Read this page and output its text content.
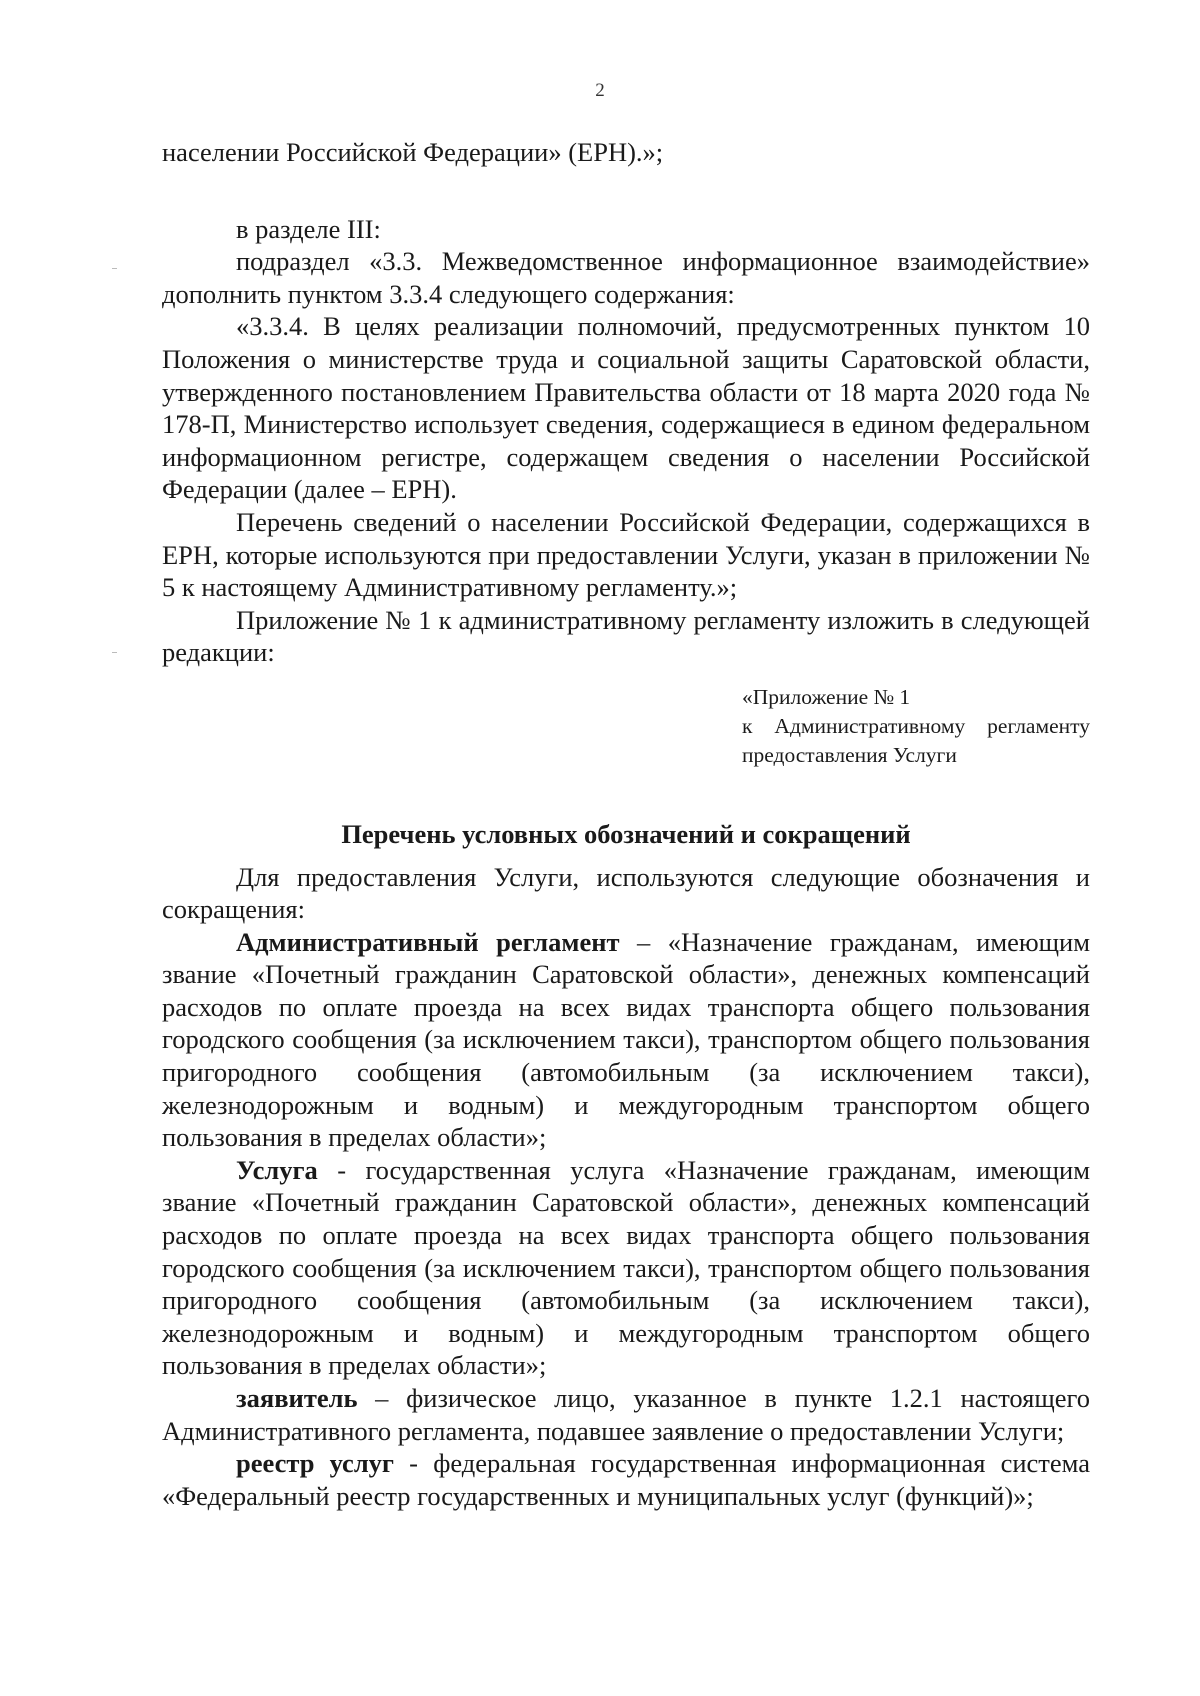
2

населении Российской Федерации» (ЕРН).»;

в разделе III:

подраздел «3.3. Межведомственное информационное взаимодействие» дополнить пунктом 3.3.4 следующего содержания:

«3.3.4. В целях реализации полномочий, предусмотренных пунктом 10 Положения о министерстве труда и социальной защиты Саратовской области, утвержденного постановлением Правительства области от 18 марта 2020 года № 178-П, Министерство использует сведения, содержащиеся в едином федеральном информационном регистре, содержащем сведения о населении Российской Федерации (далее – ЕРН).

Перечень сведений о населении Российской Федерации, содержащихся в ЕРН, которые используются при предоставлении Услуги, указан в приложении № 5 к настоящему Административному регламенту.»;

Приложение № 1 к административному регламенту изложить в следующей редакции:

«Приложение № 1

к Административному регламенту предоставления Услуги

Перечень условных обозначений и сокращений

Для предоставления Услуги, используются следующие обозначения и сокращения:

Административный регламент – «Назначение гражданам, имеющим звание «Почетный гражданин Саратовской области», денежных компенсаций расходов по оплате проезда на всех видах транспорта общего пользования городского сообщения (за исключением такси), транспортом общего пользования пригородного сообщения (автомобильным (за исключением такси), железнодорожным и водным) и междугородным транспортом общего пользования в пределах области»;

Услуга - государственная услуга «Назначение гражданам, имеющим звание «Почетный гражданин Саратовской области», денежных компенсаций расходов по оплате проезда на всех видах транспорта общего пользования городского сообщения (за исключением такси), транспортом общего пользования пригородного сообщения (автомобильным (за исключением такси), железнодорожным и водным) и междугородным транспортом общего пользования в пределах области»;

заявитель – физическое лицо, указанное в пункте 1.2.1 настоящего Административного регламента, подавшее заявление о предоставлении Услуги;

реестр услуг - федеральная государственная информационная система «Федеральный реестр государственных и муниципальных услуг (функций)»;
